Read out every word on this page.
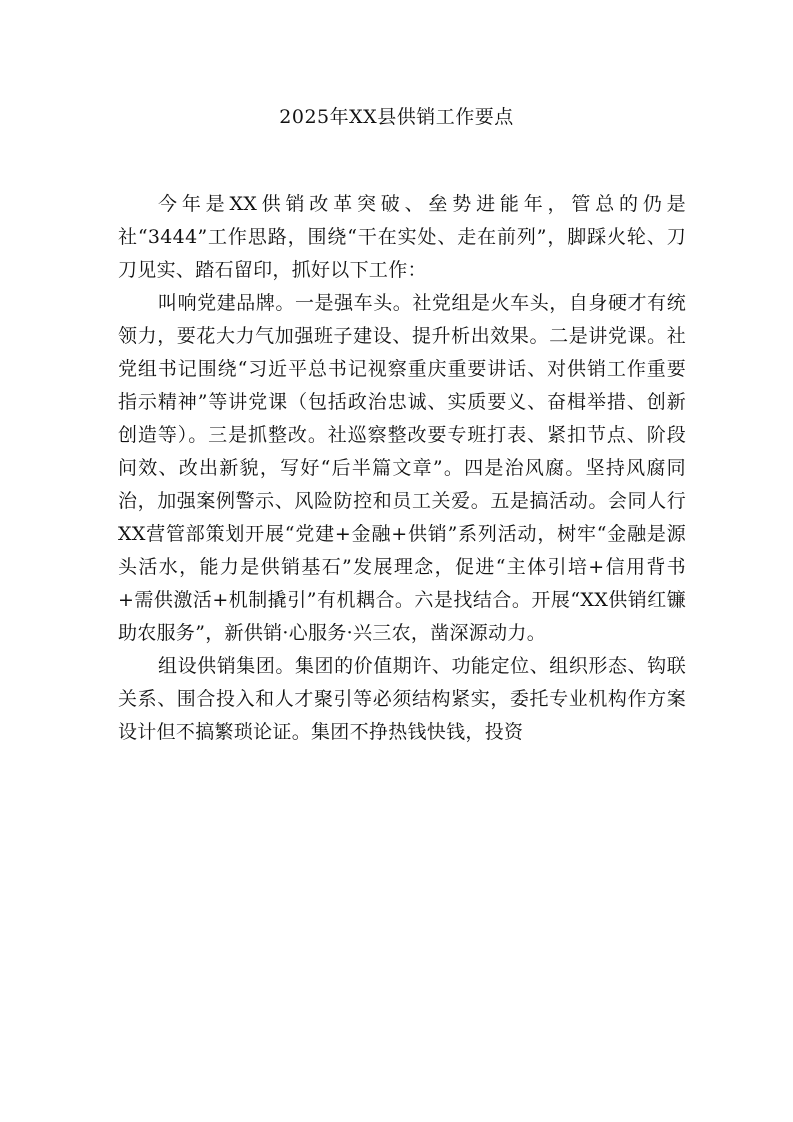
2025年XX县供销工作要点

今年是XX供销改革突破、垒势进能年，管总的仍是社“3444”工作思路，围绕“干在实处、走在前列”，脚踩火轮、刀刀见实、踏石留印，抓好以下工作：

叫响党建品牌。一是强车头。社党组是火车头，自身硬才有统领力，要花大力气加强班子建设、提升析出效果。二是讲党课。社党组书记围绕“习近平总书记视察重庆重要讲话、对供销工作重要指示精神”等讲党课（包括政治忠诚、实质要义、奋楫举措、创新创造等）。三是抓整改。社巡察整改要专班打表、紧扣节点、阶段问效、改出新貌，写好“后半篇文章”。四是治风腐。坚持风腐同治，加强案例警示、风险防控和员工关爱。五是搞活动。会同人行XX营管部策划开展“党建+金融+供销”系列活动，树牢“金融是源头活水，能力是供销基石”发展理念，促进“主体引培+信用背书+需供激活+机制撬引”有机耦合。六是找结合。开展“XX供销红镰助农服务”，新供销·心服务·兴三农，凿深源动力。

组设供销集团。集团的价值期许、功能定位、组织形态、钩联关系、围合投入和人才聚引等必须结构紧实，委托专业机构作方案设计但不搞繁琐论证。集团不挣热钱快钱，投资
